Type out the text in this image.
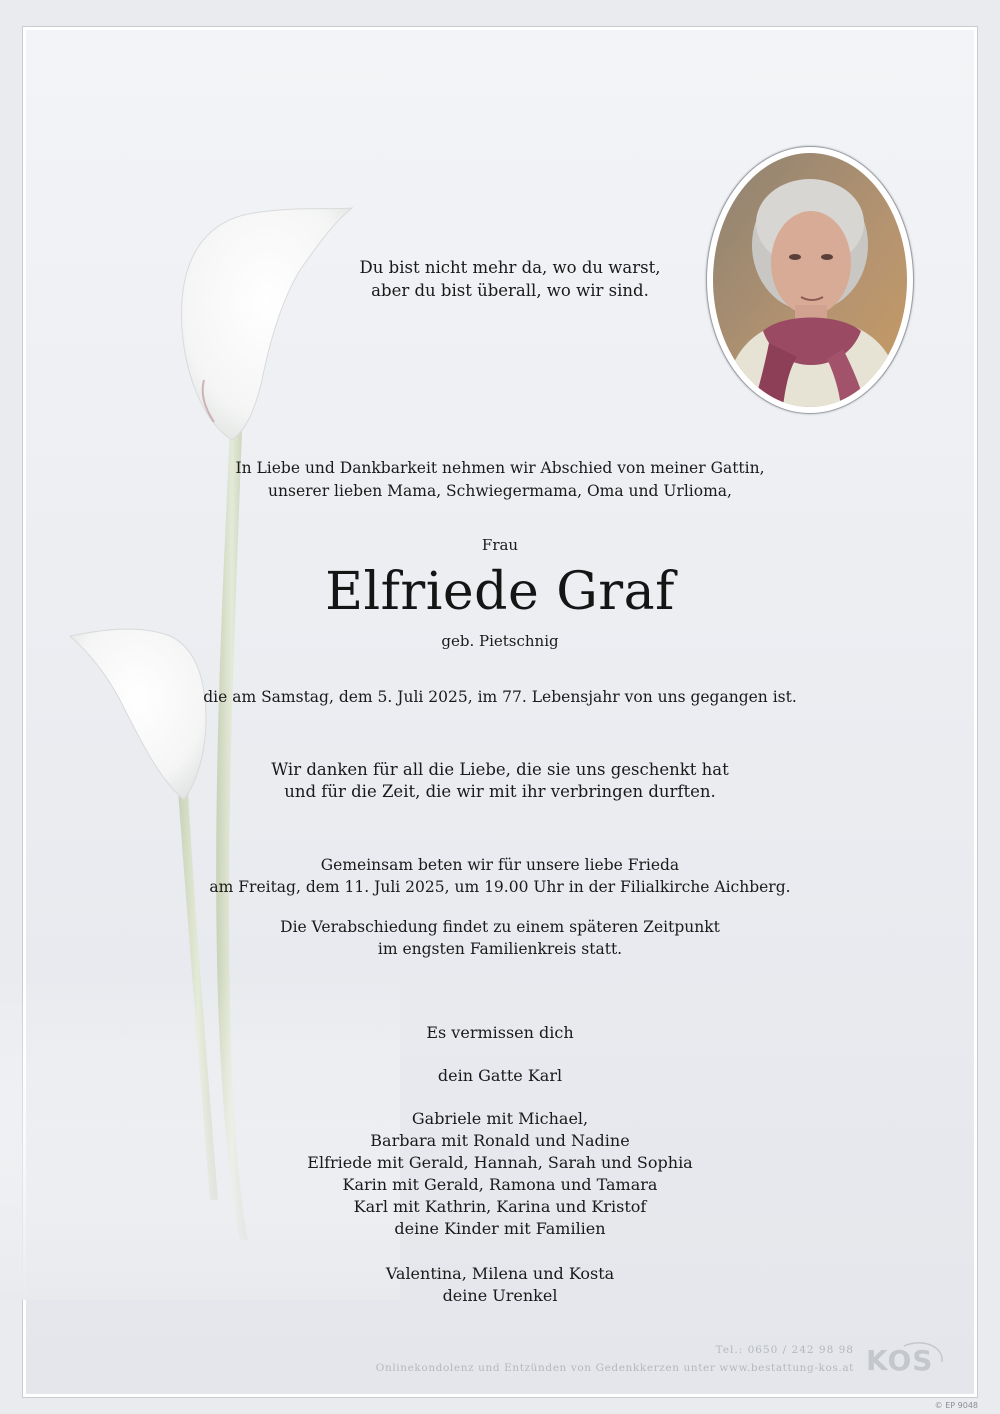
Du bist nicht mehr da, wo du warst,
aber du bist überall, wo wir sind.
In Liebe und Dankbarkeit nehmen wir Abschied von meiner Gattin,
unserer lieben Mama, Schwiegermama, Oma und Urlioma,
Frau
Elfriede Graf
geb. Pietschnig
die am Samstag, dem 5. Juli 2025, im 77. Lebensjahr von uns gegangen ist.
Wir danken für all die Liebe, die sie uns geschenkt hat
und für die Zeit, die wir mit ihr verbringen durften.
Gemeinsam beten wir für unsere liebe Frieda
am Freitag, dem 11. Juli 2025, um 19.00 Uhr in der Filialkirche Aichberg.
Die Verabschiedung findet zu einem späteren Zeitpunkt
im engsten Familienkreis statt.
Es vermissen dich
dein Gatte Karl
Gabriele mit Michael,
Barbara mit Ronald und Nadine
Elfriede mit Gerald, Hannah, Sarah und Sophia
Karin mit Gerald, Ramona und Tamara
Karl mit Kathrin, Karina und Kristof
deine Kinder mit Familien
Valentina, Milena und Kosta
deine Urenkel
Tel.: 0650 / 242 98 98
Onlinekondolenz und Entzünden von Gedenkkerzen unter www.bestattung-kos.at KOS
© EP 9048
